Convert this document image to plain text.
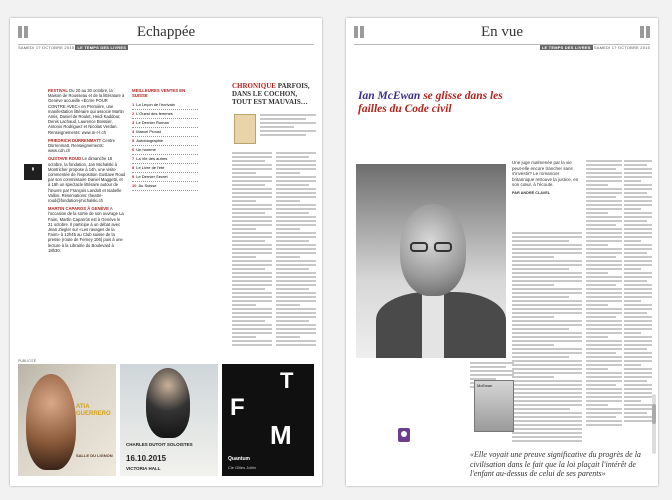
Echappée
SAMEDI 17 OCTOBRE 2015 LE TEMPS DES LIVRES

FESTIVAL Du 20 au 30 octobre, la Maison de Rousseau et de la littérature à Genève accueille «Écrire POUR CONTRE AVEC» en Première, une manifestation littéraire qui associe Martin Amis, Daniel de Roulet, Heidi Kaddour, Denis Lachaud, Laurence Boissier, Antonio Rodriguez et Nicolas Verdan. Renseignements: www.m-r-l.ch

FRIEDRICH DÜRRENMATT Centre Dürrenmatt. Renseignements: www.cdn.ch

GUSTAVE ROUD Le dimanche 18 octobre, la fondation, Jan Michalski à Montricher propose à 14h, une visite commentée de l'exposition Gustave Roud par son commissaire Daniel Maggetti, et à 16h un spectacle littéraire autour de l'œuvre par François Landolt et Isabelle Vallon. Réservations: theatre-roud@fondation-jmichalski.ch

MARTIN CAPAROS À GENÈVE A l'occasion de la sortie de son ouvrage La Faim, Martín Caparrós est à Genève le 21 octobre. Il participe à un débat avec Jean Ziegler sur «Les ravages de la Faim» à 12h45 au Club suisse de la presse (route de Ferney 106) puis à une lecture à la Librairie du Boulevard à 18h30.

▮
MEILLEURES VENTES EN SUISSE
1 La Leçon de l'écrivain
2 L'Ouest des femmes
3 Le Dernier Roman
4 Marcel Proust
5 Autobiographie
6 Un homme
7 La Vie des autres
8 Le Livre de l'été
9 Le Dernier Secret
10 Au Suisse
CHRONIQUE PARFOIS, DANS LE COCHON, TOUT EST MAUVAIS…
PUBLICITÉ
ATIA GUERRERO
SALLE DU LIGNON
CHARLES DUTOIT SOLOISTES
16.10.2015
VICTORIA HALL
T
F
M
Quantum
Cie Gilles Jobin
En vue
LE TEMPS DES LIVRES SAMEDI 17 OCTOBRE 2015
Ian McEwan se glisse dans les failles du Code civil
Une juge malmenée par la vie peut-elle encore trancher sans s'investir? Le romancier britannique retrouve la justice, en son cœur, à l'écoute.
PAR ANDRÉ CLAVEL
McEwan
«Elle voyait une preuve significative du progrès de la civilisation dans le fait que la loi plaçait l'intérêt de l'enfant au-dessus de celui de ses parents»
